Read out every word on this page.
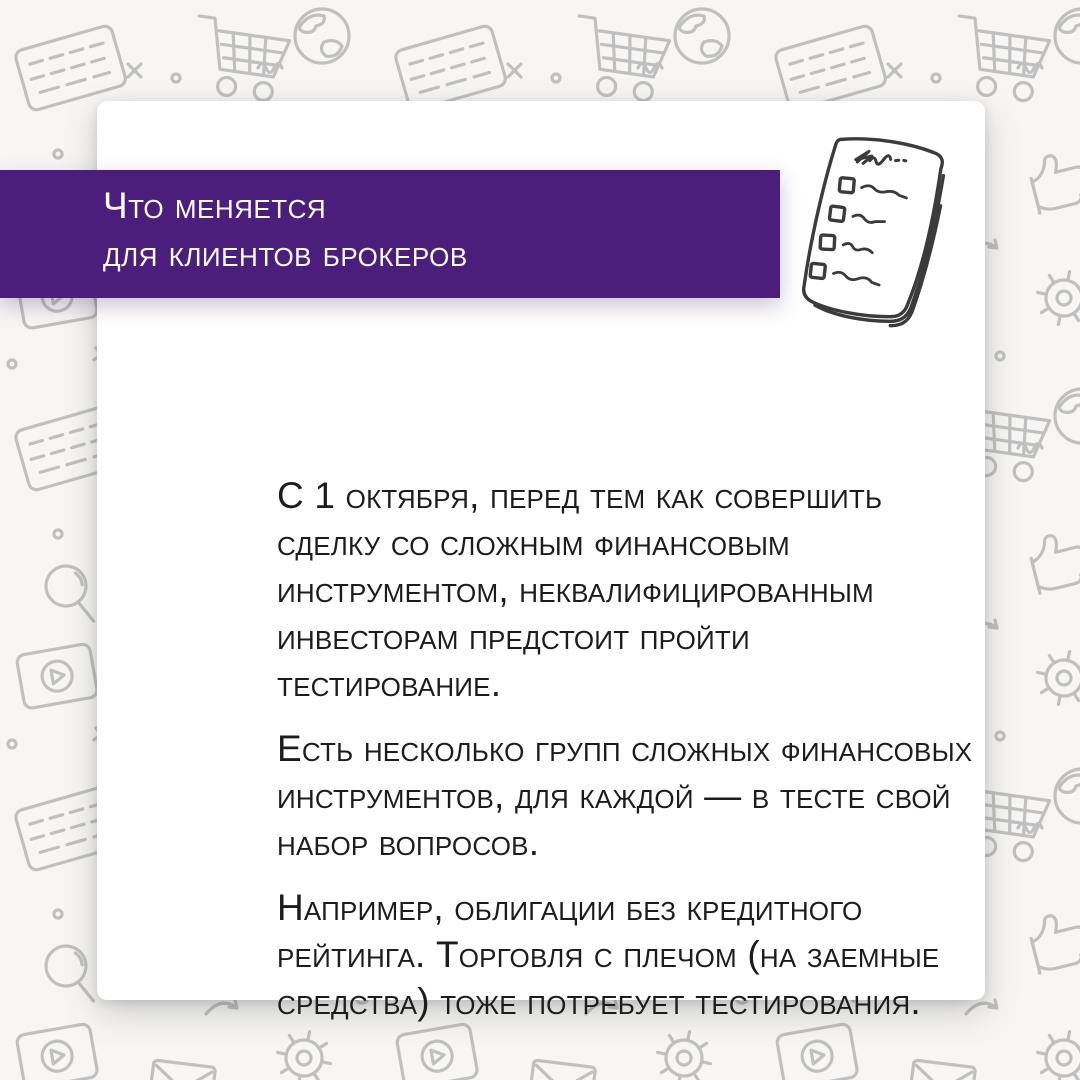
С 1 октября, перед тем как совершить
сделку со сложным финансовым
инструментом, неквалифицированным
инвесторам предстоит пройти
тестирование.
Есть несколько групп сложных финансовых
инструментов, для каждой — в тесте свой
набор вопросов.
Например, облигации без кредитного
рейтинга. Торговля с плечом (на заемные
средства) тоже потребует тестирования.
Что меняется
для клиентов брокеров
